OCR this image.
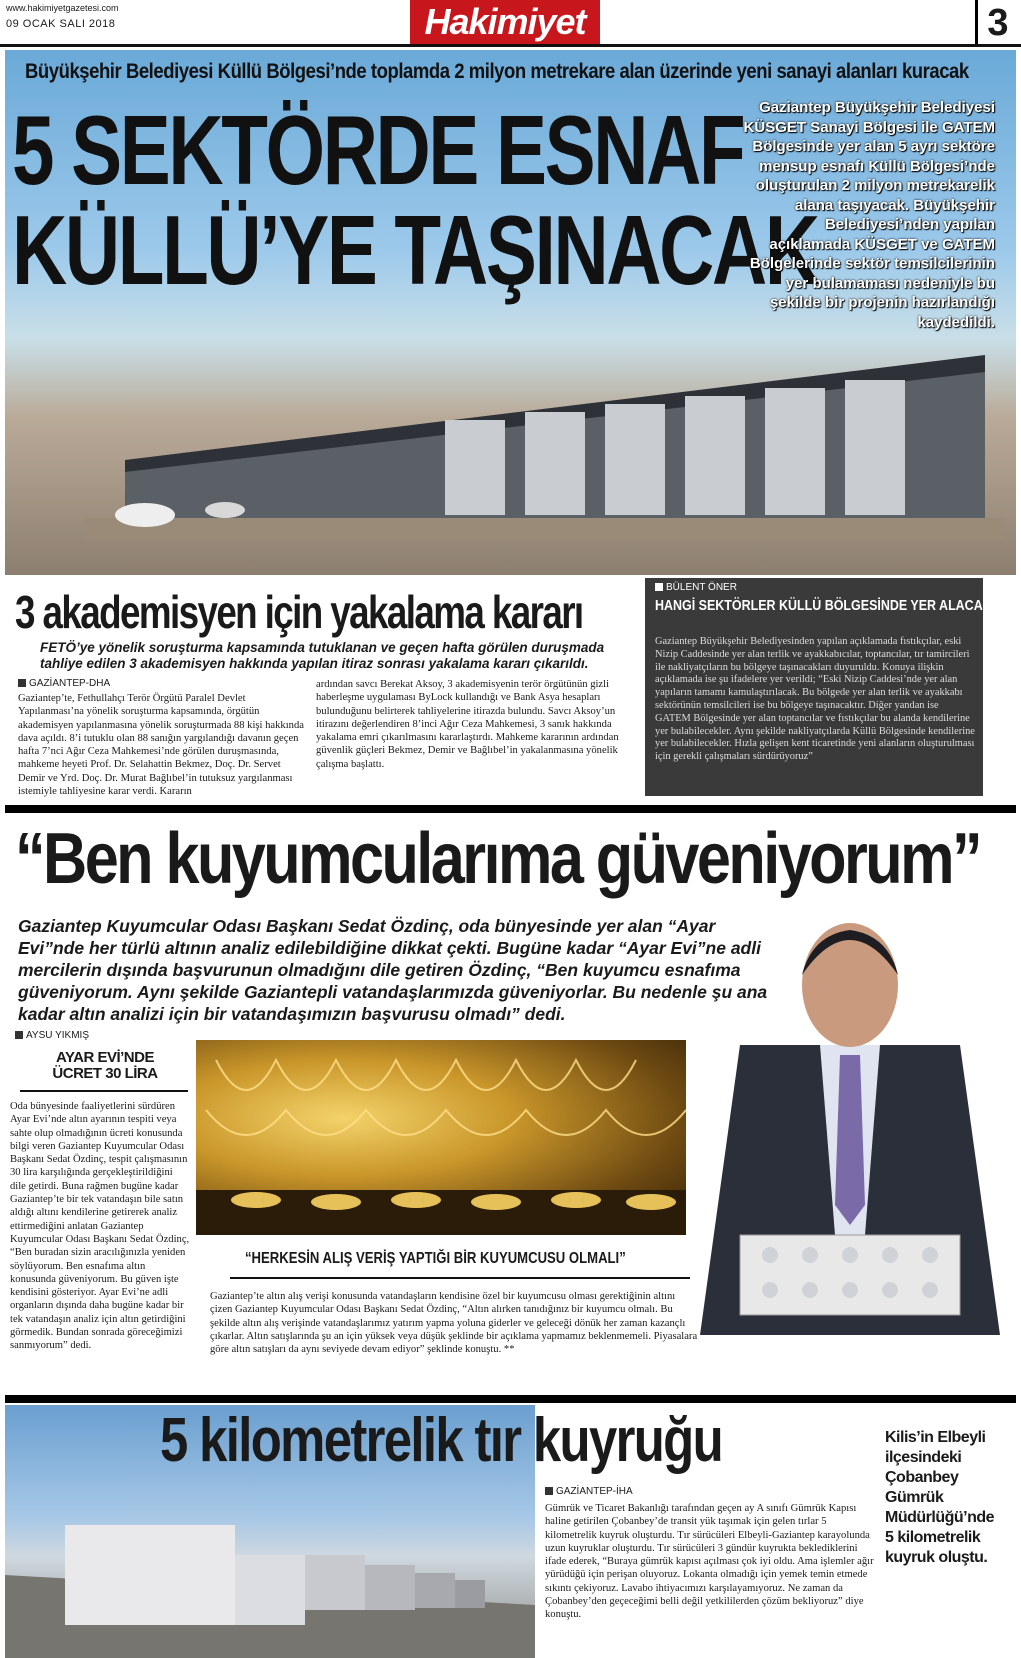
www.hakimiyetgazetesi.com
09 OCAK SALI 2018	Hakimiyet	3
Büyükşehir Belediyesi Küllü Bölgesi’nde toplamda 2 milyon metrekare alan üzerinde yeni sanayi alanları kuracak
5 SEKTÖRDE ESNAF
KÜLLÜ’YE TAŞINACAK
Gaziantep Büyükşehir Belediyesi KÜSGET Sanayi Bölgesi ile GATEM Bölgesinde yer alan 5 ayrı sektöre mensup esnafı Küllü Bölgesi’nde oluşturulan 2 milyon metrekarelik alana taşıyacak. Büyükşehir Belediyesi’nden yapılan açıklamada KÜSGET ve GATEM Bölgelerinde sektör temsilcilerinin yer bulamaması nedeniyle bu şekilde bir projenin hazırlandığı kaydedildi.
3 akademisyen için yakalama kararı
FETÖ’ye yönelik soruşturma kapsamında tutuklanan ve geçen hafta görülen duruşmada tahliye edilen 3 akademisyen hakkında yapılan itiraz sonrası yakalama kararı çıkarıldı.
GAZİANTEP-DHA
Gaziantep’te, Fethullahçı Terör Örgütü Paralel Devlet Yapılanması’na yönelik soruşturma kapsamında, örgütün akademisyen yapılanmasına yönelik soruşturmada 88 kişi hakkında dava açıldı. 8’i tutuklu olan 88 sanığın yargılandığı davanın geçen hafta 7’nci Ağır Ceza Mahkemesi’nde görülen duruşmasında, mahkeme heyeti Prof. Dr. Selahattin Bekmez, Doç. Dr. Servet Demir ve Yrd. Doç. Dr. Murat Bağlıbel’in tutuksuz yargılanması istemiyle tahliyesine karar verdi. Kararın
ardından savcı Berekat Aksoy, 3 akademisyenin terör örgütünün gizli haberleşme uygulaması ByLock kullandığı ve Bank Asya hesapları bulunduğunu belirterek tahliyelerine itirazda bulundu. Savcı Aksoy’un itirazını değerlendiren 8’inci Ağır Ceza Mahkemesi, 3 sanık hakkında yakalama emri çıkarılmasını kararlaştırdı. Mahkeme kararının ardından güvenlik güçleri Bekmez, Demir ve Bağlıbel’in yakalanmasına yönelik çalışma başlattı.
BÜLENT ÖNER
HANGİ SEKTÖRLER KÜLLÜ BÖLGESİNDE YER ALACAK?
Gaziantep Büyükşehir Belediyesinden yapılan açıklamada fıstıkçılar, eski Nizip Caddesinde yer alan terlik ve ayakkabıcılar, toptancılar, tır tamircileri ile nakliyatçıların bu bölgeye taşınacakları duyuruldu. Konuya ilişkin açıklamada ise şu ifadelere yer verildi; “Eski Nizip Caddesi’nde yer alan yapıların tamamı kamulaştırılacak. Bu bölgede yer alan terlik ve ayakkabı sektörünün temsilcileri ise bu bölgeye taşınacaktır. Diğer yandan ise GATEM Bölgesinde yer alan toptancılar ve fıstıkçılar bu alanda kendilerine yer bulabilecekler. Aynı şekilde nakliyatçılarda Küllü Bölgesinde kendilerine yer bulabilecekler. Hızla gelişen kent ticaretinde yeni alanların oluşturulması için gerekli çalışmaları sürdürüyoruz”
“Ben kuyumcularıma güveniyorum”
Gaziantep Kuyumcular Odası Başkanı Sedat Özdinç, oda bünyesinde yer alan “Ayar Evi”nde her türlü altının analiz edilebildiğine dikkat çekti. Bugüne kadar “Ayar Evi”ne adli mercilerin dışında başvurunun olmadığını dile getiren Özdinç, “Ben kuyumcu esnafıma güveniyorum. Aynı şekilde Gaziantepli vatandaşlarımızda güveniyorlar. Bu nedenle şu ana kadar altın analizi için bir vatandaşımızın başvurusu olmadı” dedi.
AYSU YIKMIŞ
AYAR EVİ’NDE ÜCRET 30 LİRA
Oda bünyesinde faaliyetlerini sürdüren Ayar Evi’nde altın ayarının tespiti veya sahte olup olmadığının ücreti konusunda bilgi veren Gaziantep Kuyumcular Odası Başkanı Sedat Özdinç, tespit çalışmasının 30 lira karşılığında gerçekleştirildiğini dile getirdi. Buna rağmen bugüne kadar Gaziantep’te bir tek vatandaşın bile satın aldığı altını kendilerine getirerek analiz ettirmediğini anlatan Gaziantep Kuyumcular Odası Başkanı Sedat Özdinç, “Ben buradan sizin aracılığınızla yeniden söylüyorum. Ben esnafıma altın konusunda güveniyorum. Bu güven işte kendisini gösteriyor. Ayar Evi’ne adli organların dışında daha bugüne kadar bir tek vatandaşın analiz için altın getirdiğini görmedik. Bundan sonrada göreceğimizi sanmıyorum” dedi.
“HERKESİN ALIŞ VERİŞ YAPTIĞI BİR KUYUMCUSU OLMALI”
Gaziantep’te altın alış verişi konusunda vatandaşların kendisine özel bir kuyumcusu olması gerektiğinin altını çizen Gaziantep Kuyumcular Odası Başkanı Sedat Özdinç, “Altın alırken tanıdığınız bir kuyumcu olmalı. Bu şekilde altın alış verişinde vatandaşlarımız yatırım yapma yoluna giderler ve geleceği dönük her zaman kazançlı çıkarlar. Altın satışlarında şu an için yüksek veya düşük şeklinde bir açıklama yapmamız beklenmemeli. Piyasalara göre altın satışları da aynı seviyede devam ediyor” şeklinde konuştu. **
5 kilometrelik tır kuyruğu	Kilis’in Elbeyli ilçesindeki Çobanbey Gümrük Müdürlüğü’nde 5 kilometrelik kuyruk oluştu.
GAZİANTEP-İHA
Gümrük ve Ticaret Bakanlığı tarafından geçen ay A sınıfı Gümrük Kapısı haline getirilen Çobanbey’de transit yük taşımak için gelen tırlar 5 kilometrelik kuyruk oluşturdu. Tır sürücüleri Elbeyli-Gaziantep karayolunda uzun kuyruklar oluşturdu. Tır sürücüleri 3 gündür kuyrukta beklediklerini ifade ederek, “Buraya gümrük kapısı açılması çok iyi oldu. Ama işlemler ağır yürüdüğü için perişan oluyoruz. Lokanta olmadığı için yemek temin etmede sıkıntı çekiyoruz. Lavabo ihtiyacımızı karşılayamıyoruz. Ne zaman da Çobanbey’den geçeceğimi belli değil yetkililerden çözüm bekliyoruz” diye konuştu.
